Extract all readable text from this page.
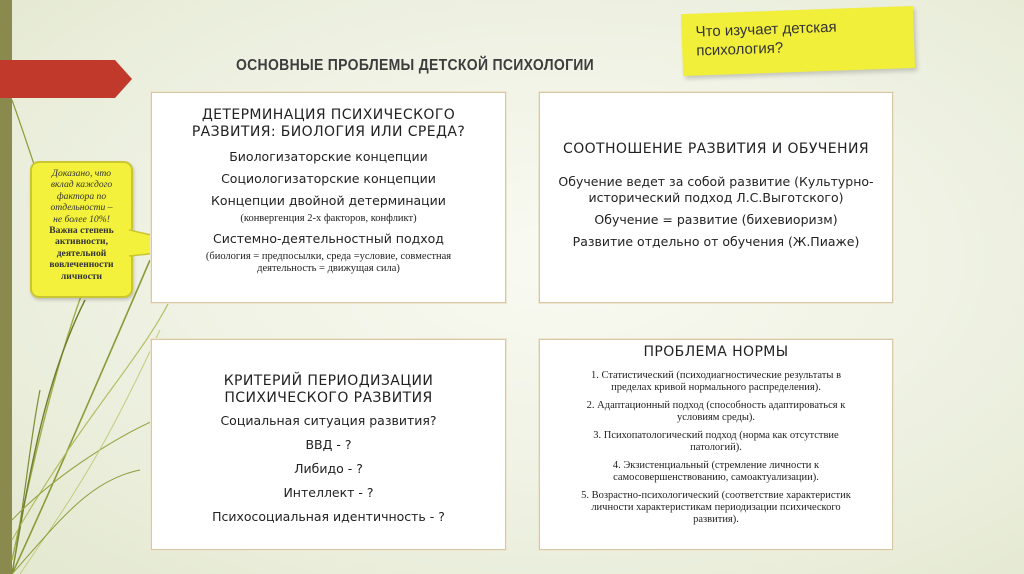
ОСНОВНЫЕ ПРОБЛЕМЫ ДЕТСКОЙ ПСИХОЛОГИИ
Что изучает детская
психология?
Доказано, что
вклад каждого
фактора по
отдельности –
не более 10%!
Важна степень
активности,
деятельной
вовлеченности
личности
ДЕТЕРМИНАЦИЯ ПСИХИЧЕСКОГО
РАЗВИТИЯ: БИОЛОГИЯ ИЛИ СРЕДА?
Биологизаторские концепции
Социологизаторские концепции
Концепции двойной детерминации
(конвергенция 2-х факторов, конфликт)
Системно-деятельностный подход
(биология = предпосылки, среда =условие, совместная
деятельность = движущая сила)
СООТНОШЕНИЕ РАЗВИТИЯ И ОБУЧЕНИЯ
Обучение ведет за собой развитие (Культурно-
исторический подход Л.С.Выготского)
Обучение = развитие (бихевиоризм)
Развитие отдельно от обучения (Ж.Пиаже)
КРИТЕРИЙ ПЕРИОДИЗАЦИИ
ПСИХИЧЕСКОГО РАЗВИТИЯ
Социальная ситуация развития?
ВВД - ?
Либидо - ?
Интеллект - ?
Психосоциальная идентичность - ?
ПРОБЛЕМА НОРМЫ
1. Статистический (психодиагностические результаты в
пределах кривой нормального распределения).
2. Адаптационный подход (способность адаптироваться к
условиям среды).
3. Психопатологический подход (норма как отсутствие
патологий).
4. Экзистенциальный (стремление личности к
самосовершенствованию, самоактуализации).
5. Возрастно-психологический (соответствие характеристик
личности характеристикам периодизации психического
развития).
